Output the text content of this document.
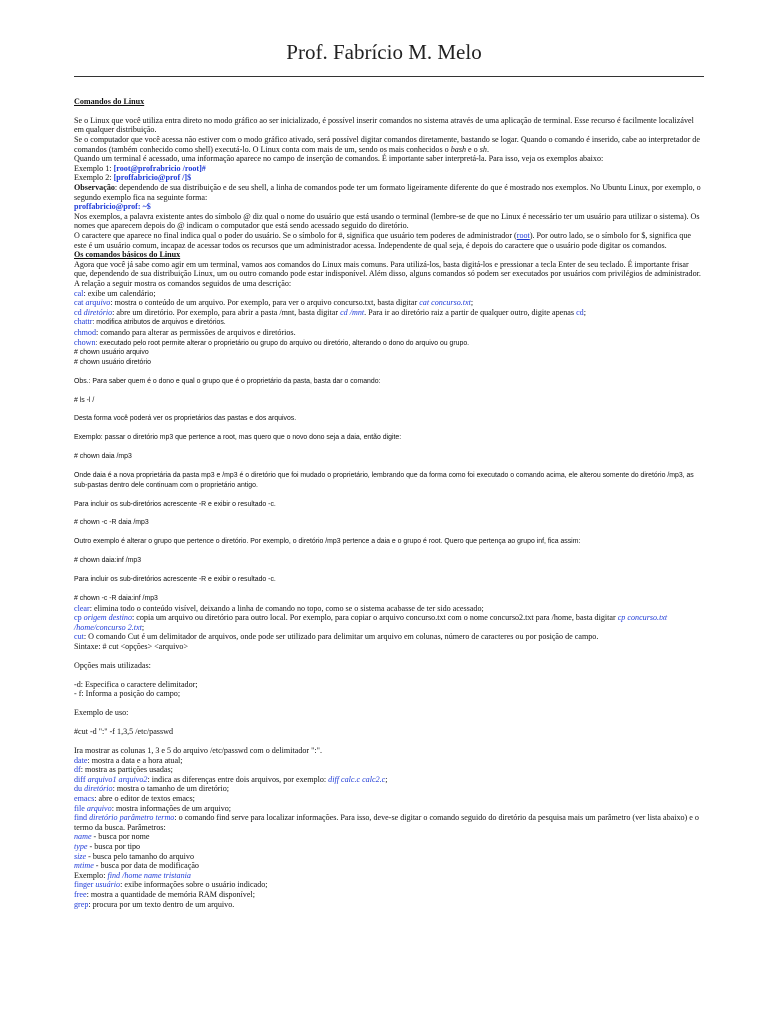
Prof. Fabrício M. Melo

Comandos do Linux

Se o Linux que você utiliza entra direto no modo gráfico ao ser inicializado, é possível inserir comandos no sistema através de uma aplicação de terminal. Esse recurso é facilmente localizável em qualquer distribuição.

Se o computador que você acessa não estiver com o modo gráfico ativado, será possível digitar comandos diretamente, bastando se logar. Quando o comando é inserido, cabe ao interpretador de comandos (também conhecido como shell) executá-lo. O Linux conta com mais de um, sendo os mais conhecidos o bash e o sh.

Quando um terminal é acessado, uma informação aparece no campo de inserção de comandos. É importante saber interpretá-la. Para isso, veja os exemplos abaixo:

Exemplo 1: [root@profrabricio /root]#

Exemplo 2: [proffabricio@prof /]$

Observação: dependendo de sua distribuição e de seu shell, a linha de comandos pode ter um formato ligeiramente diferente do que é mostrado nos exemplos. No Ubuntu Linux, por exemplo, o segundo exemplo fica na seguinte forma:

proffabricio@prof: ~$

Nos exemplos, a palavra existente antes do símbolo @ diz qual o nome do usuário que está usando o terminal (lembre-se de que no Linux é necessário ter um usuário para utilizar o sistema). Os nomes que aparecem depois do @ indicam o computador que está sendo acessado seguido do diretório.

O caractere que aparece no final indica qual o poder do usuário. Se o símbolo for #, significa que usuário tem poderes de administrador (root). Por outro lado, se o símbolo for $, significa que este é um usuário comum, incapaz de acessar todos os recursos que um administrador acessa. Independente de qual seja, é depois do caractere que o usuário pode digitar os comandos.

Os comandos básicos do Linux

Agora que você já sabe como agir em um terminal, vamos aos comandos do Linux mais comuns. Para utilizá-los, basta digitá-los e pressionar a tecla Enter de seu teclado. É importante frisar que, dependendo de sua distribuição Linux, um ou outro comando pode estar indisponível. Além disso, alguns comandos só podem ser executados por usuários com privilégios de administrador.

A relação a seguir mostra os comandos seguidos de uma descrição:

cal: exibe um calendário;

cat arquivo: mostra o conteúdo de um arquivo. Por exemplo, para ver o arquivo concurso.txt, basta digitar cat concurso.txt;

cd diretório: abre um diretório. Por exemplo, para abrir a pasta /mnt, basta digitar cd /mnt. Para ir ao diretório raiz a partir de qualquer outro, digite apenas cd;

chattr: modifica atributos de arquivos e diretórios.

chmod: comando para alterar as permissões de arquivos e diretórios.

chown: executado pelo root permite alterar o proprietário ou grupo do arquivo ou diretório, alterando o dono do arquivo ou grupo.

# chown usuário arquivo

# chown usuário diretório

Obs.: Para saber quem é o dono e qual o grupo que é o proprietário da pasta, basta dar o comando:

# ls -l /

Desta forma você poderá ver os proprietários das pastas e dos arquivos.

Exemplo: passar o diretório mp3 que pertence a root, mas quero que o novo dono seja a daia, então digite:

# chown daia /mp3

Onde daia é a nova proprietária da pasta mp3 e /mp3 é o diretório que foi mudado o proprietário, lembrando que da forma como foi executado o comando acima, ele alterou somente do diretório /mp3, as sub-pastas dentro dele continuam com o proprietário antigo.

Para incluir os sub-diretórios acrescente -R e exibir o resultado -c.

# chown -c -R daia /mp3

Outro exemplo é alterar o grupo que pertence o diretório. Por exemplo, o diretório /mp3 pertence a daia e o grupo é root. Quero que pertença ao grupo inf, fica assim:

# chown daia:inf /mp3

Para incluir os sub-diretórios acrescente -R e exibir o resultado -c.

# chown -c -R daia:inf /mp3

clear: elimina todo o conteúdo visível, deixando a linha de comando no topo, como se o sistema acabasse de ter sido acessado;

cp origem destino: copia um arquivo ou diretório para outro local. Por exemplo, para copiar o arquivo concurso.txt com o nome concurso2.txt para /home, basta digitar cp concurso.txt /home/concurso 2.txt;

cut: O comando Cut é um delimitador de arquivos, onde pode ser utilizado para delimitar um arquivo em colunas, número de caracteres ou por posição de campo.

Sintaxe: # cut <opções> <arquivo>

Opções mais utilizadas:

-d: Especifica o caractere delimitador;

- f: Informa a posição do campo;

Exemplo de uso:

#cut -d ":" -f 1,3,5 /etc/passwd

Ira mostrar as colunas 1, 3 e 5 do arquivo /etc/passwd com o delimitador ":".

date: mostra a data e a hora atual;

df: mostra as partições usadas;

diff arquivo1 arquivo2: indica as diferenças entre dois arquivos, por exemplo: diff calc.c calc2.c;

du diretório: mostra o tamanho de um diretório;

emacs: abre o editor de textos emacs;

file arquivo: mostra informações de um arquivo;

find diretório parâmetro termo: o comando find serve para localizar informações. Para isso, deve-se digitar o comando seguido do diretório da pesquisa mais um parâmetro (ver lista abaixo) e o termo da busca. Parâmetros:

name - busca por nome

type - busca por tipo

size - busca pelo tamanho do arquivo

mtime - busca por data de modificação

Exemplo: find /home name tristania

finger usuário: exibe informações sobre o usuário indicado;

free: mostra a quantidade de memória RAM disponível;

grep: procura por um texto dentro de um arquivo.
